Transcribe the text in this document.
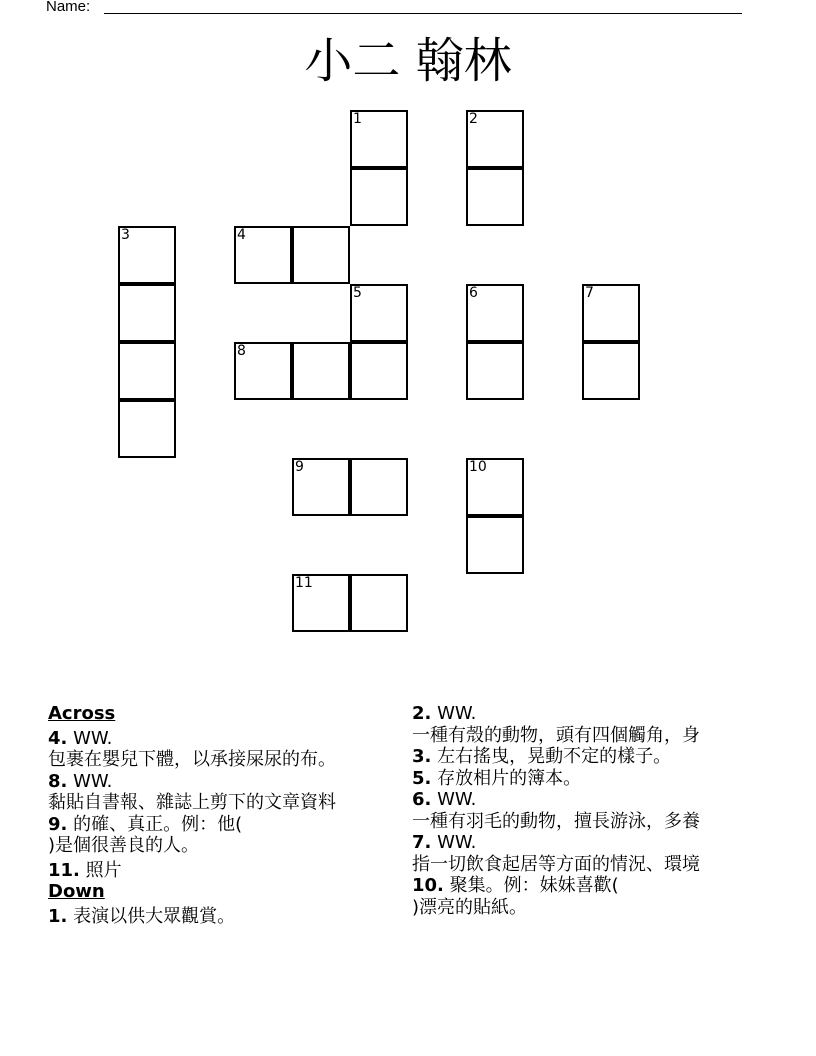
Name:
小二 翰林
1	2
3	4
5	6	7
8
9	10
11
Across
4. WW.
包裹在嬰兒下體，以承接屎尿的布。
8. WW.
黏貼自書報、雜誌上剪下的文章資料
9. 的確、真正。例：他(
)是個很善良的人。
11. 照片
Down
1. 表演以供大眾觀賞。
2. WW.
一種有殼的動物，頭有四個觸角，身
3. 左右搖曳，晃動不定的樣子。
5. 存放相片的簿本。
6. WW.
一種有羽毛的動物，擅長游泳，多養
7. WW.
指一切飲食起居等方面的情況、環境
10. 聚集。例：妹妹喜歡(
)漂亮的貼紙。
